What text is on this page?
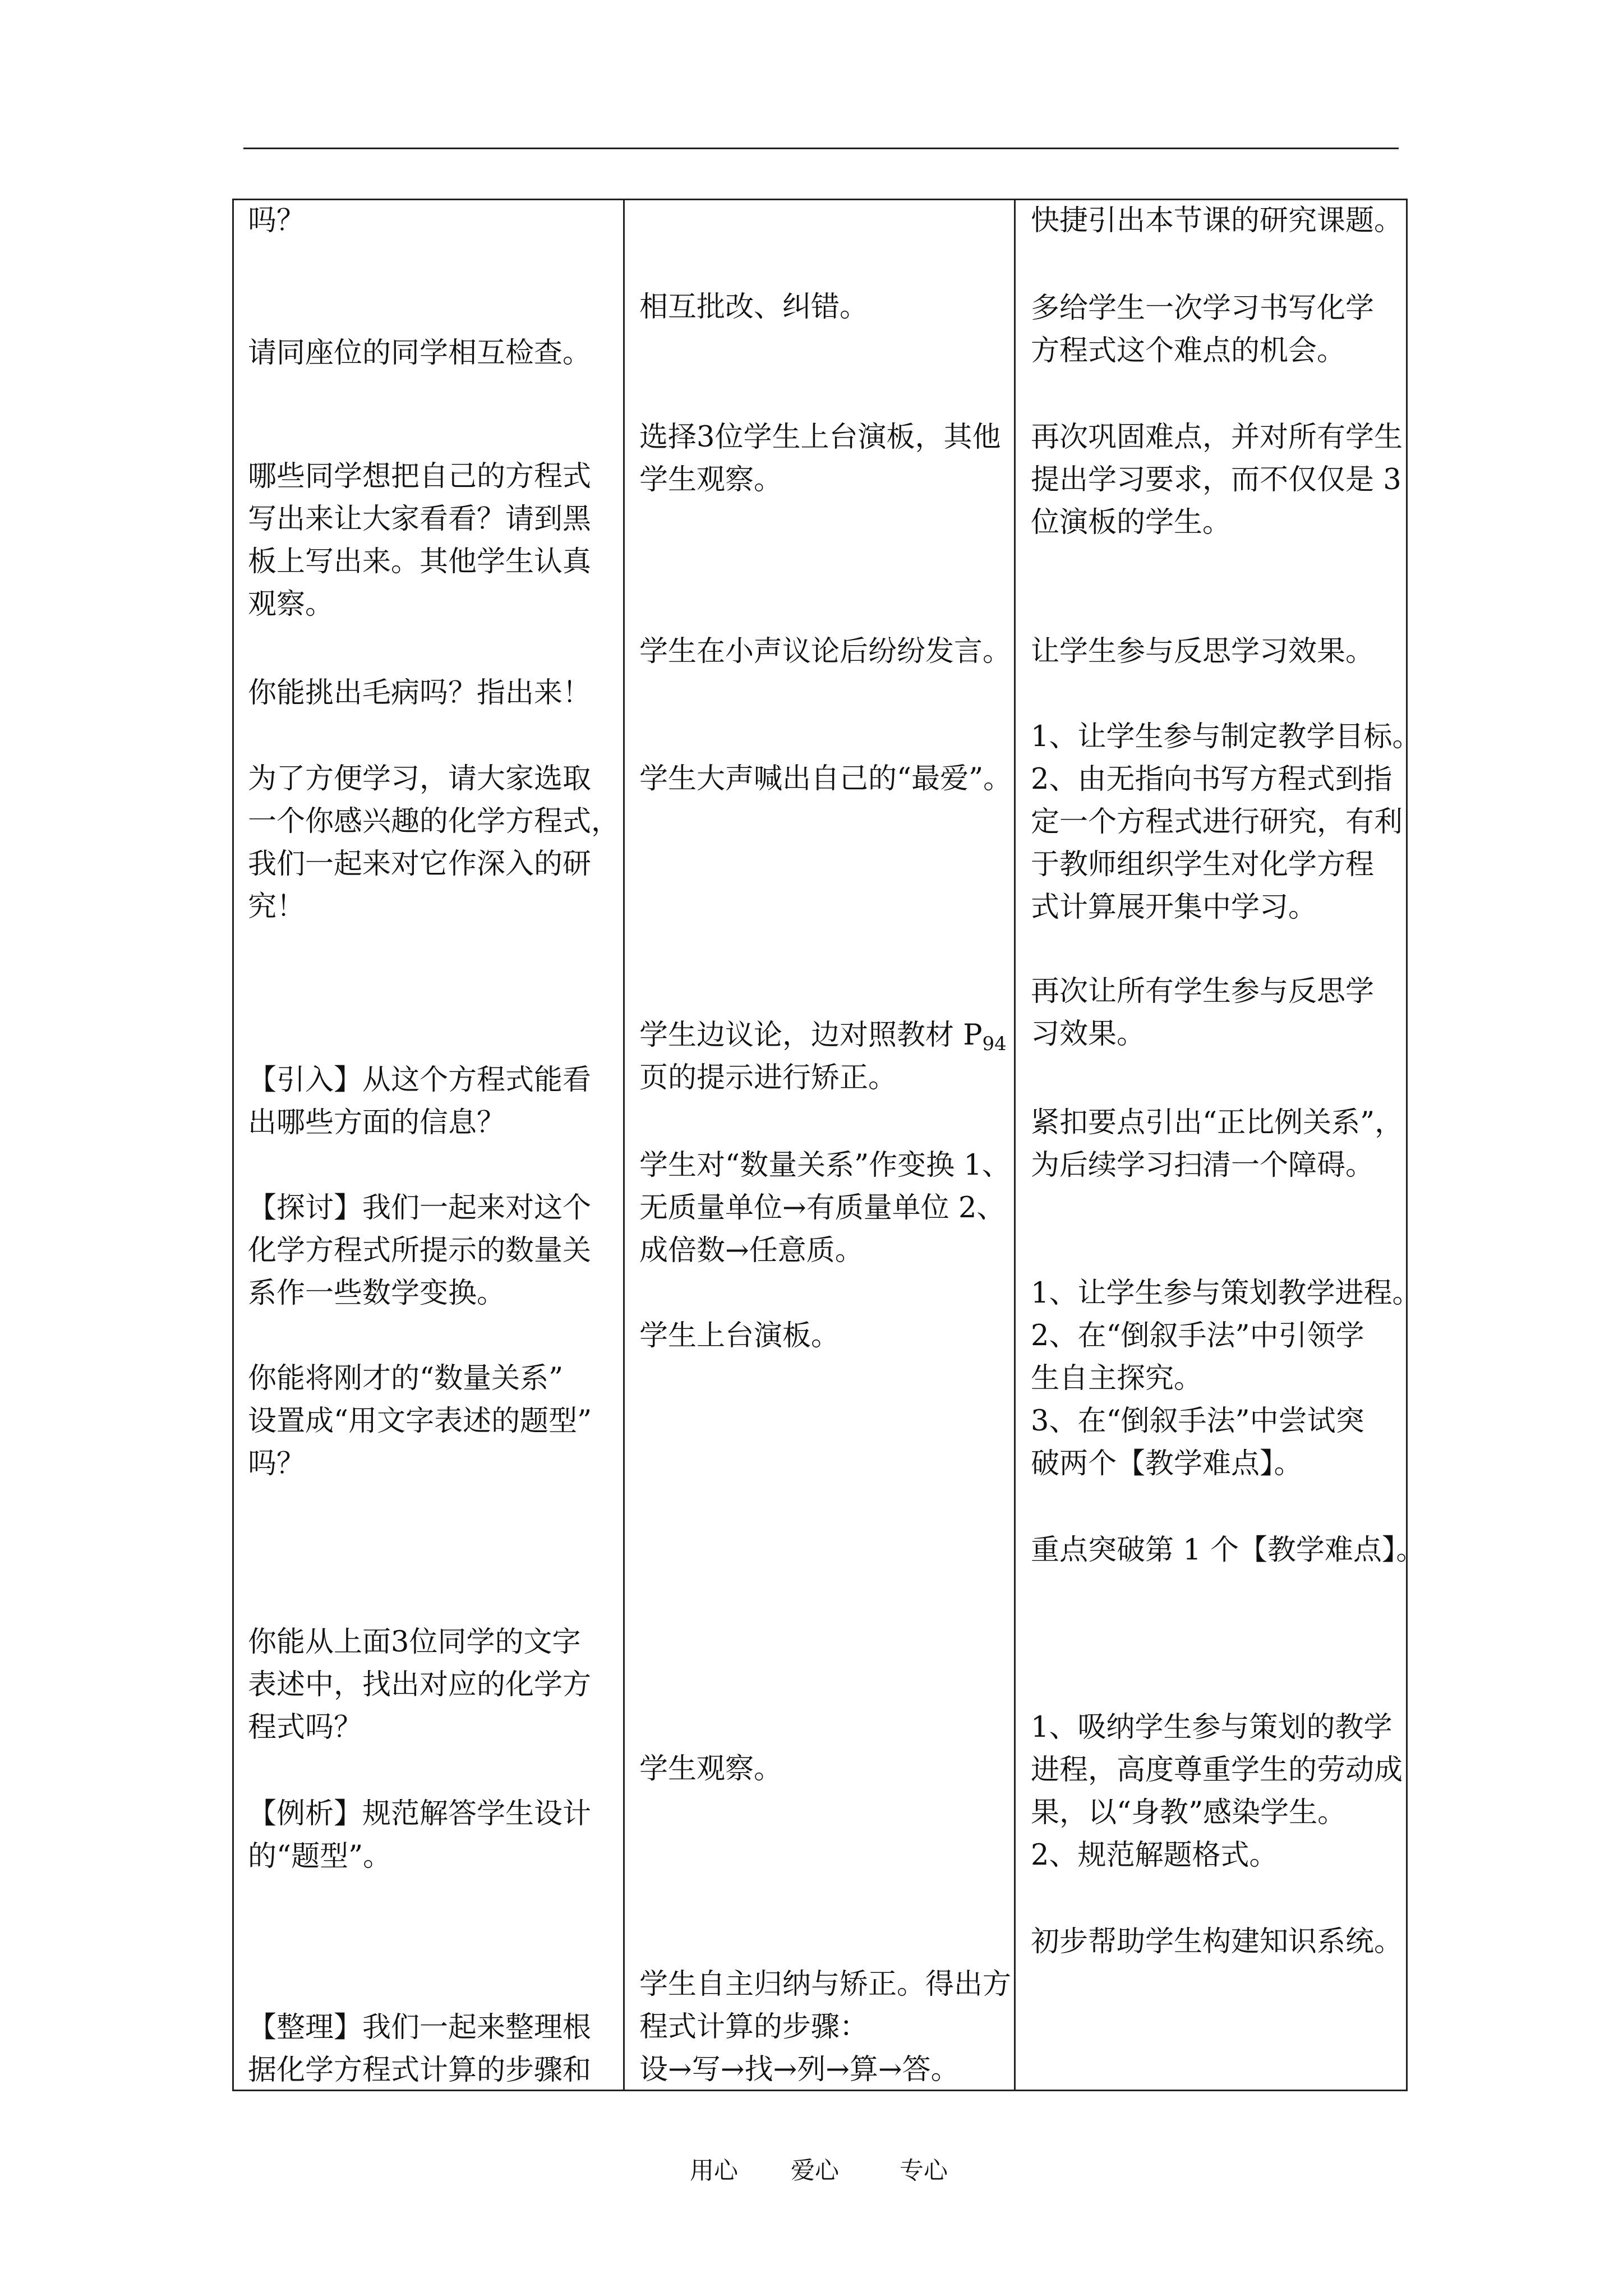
吗？
请同座位的同学相互检查。
哪些同学想把自己的方程式
写出来让大家看看？请到黑
板上写出来。其他学生认真
观察。
你能挑出毛病吗？指出来！
为了方便学习，请大家选取
一个你感兴趣的化学方程式，
我们一起来对它作深入的研
究！
【引入】从这个方程式能看
出哪些方面的信息？
【探讨】我们一起来对这个
化学方程式所提示的数量关
系作一些数学变换。
你能将刚才的“数量关系”
设置成“用文字表述的题型”
吗？
你能从上面3位同学的文字
表述中，找出对应的化学方
程式吗？
【例析】规范解答学生设计
的“题型”。
【整理】我们一起来整理根
据化学方程式计算的步骤和
相互批改、纠错。
选择3位学生上台演板，其他
学生观察。
学生在小声议论后纷纷发言。
学生大声喊出自己的“最爱”。
学生边议论，边对照教材 $P_{94}$
页的提示进行矫正。
学生对“数量关系”作变换 1、
无质量单位→有质量单位 2、
成倍数→任意质。
学生上台演板。
学生观察。
学生自主归纳与矫正。得出方
程式计算的步骤：
设→写→找→列→算→答。
快捷引出本节课的研究课题。
多给学生一次学习书写化学
方程式这个难点的机会。
再次巩固难点，并对所有学生
提出学习要求，而不仅仅是 3
位演板的学生。
让学生参与反思学习效果。
1、让学生参与制定教学目标。
2、由无指向书写方程式到指
定一个方程式进行研究，有利
于教师组织学生对化学方程
式计算展开集中学习。
再次让所有学生参与反思学
习效果。
紧扣要点引出“正比例关系”，
为后续学习扫清一个障碍。
1、让学生参与策划教学进程。
2、在“倒叙手法”中引领学
生自主探究。
3、在“倒叙手法”中尝试突
破两个【教学难点】。
重点突破第 1 个【教学难点】。
1、吸纳学生参与策划的教学
进程，高度尊重学生的劳动成
果，以“身教”感染学生。
2、规范解题格式。
初步帮助学生构建知识系统。
用心 爱心	专心
